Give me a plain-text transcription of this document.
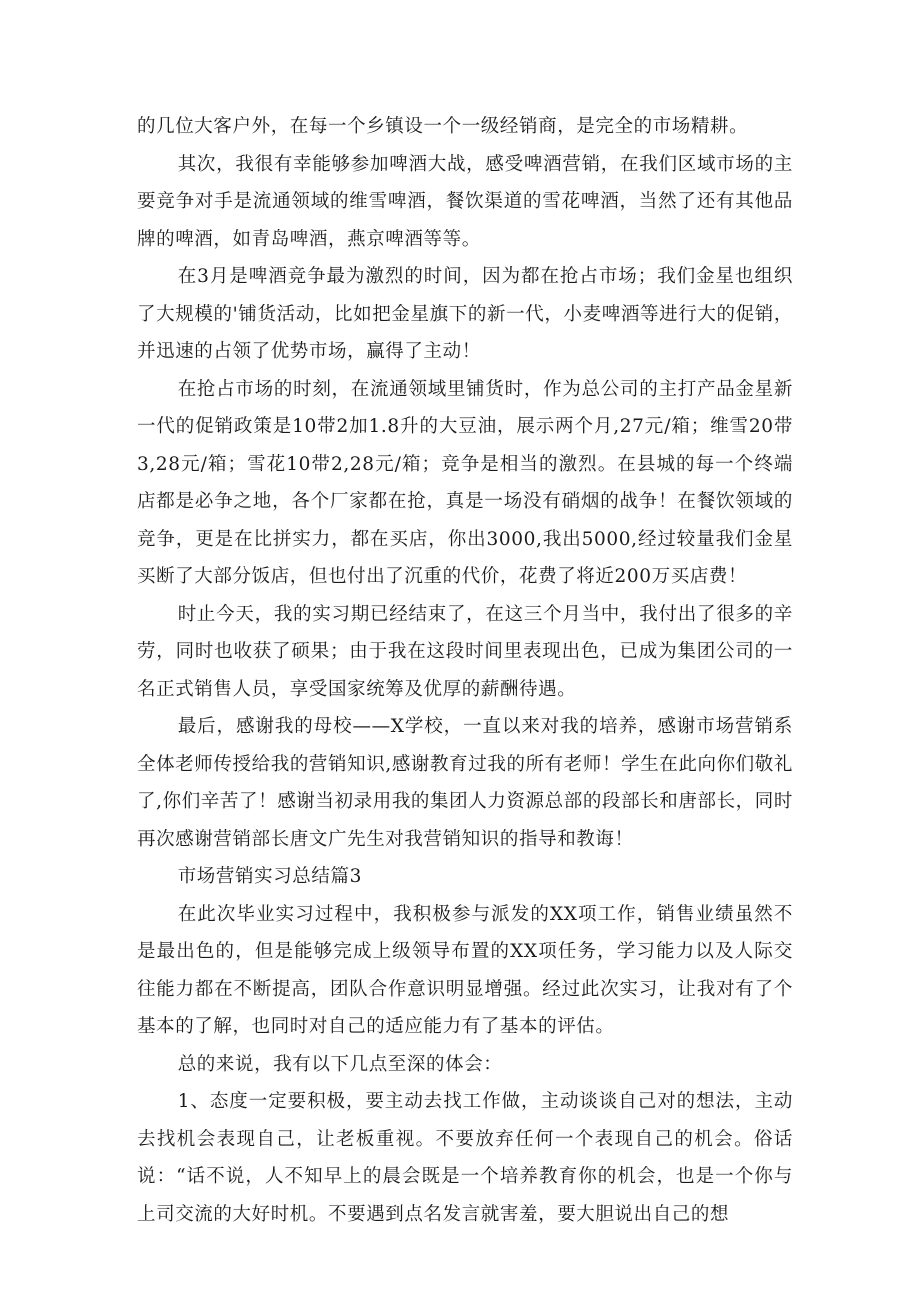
的几位大客户外，在每一个乡镇设一个一级经销商，是完全的市场精耕。

其次，我很有幸能够参加啤酒大战，感受啤酒营销，在我们区域市场的主要竞争对手是流通领域的维雪啤酒，餐饮渠道的雪花啤酒，当然了还有其他品牌的啤酒，如青岛啤酒，燕京啤酒等等。

在3月是啤酒竞争最为激烈的时间，因为都在抢占市场；我们金星也组织了大规模的'铺货活动，比如把金星旗下的新一代，小麦啤酒等进行大的促销，并迅速的占领了优势市场，赢得了主动！

在抢占市场的时刻，在流通领域里铺货时，作为总公司的主打产品金星新一代的促销政策是10带2加1.8升的大豆油，展示两个月,27元/箱；维雪20带3,28元/箱；雪花10带2,28元/箱；竞争是相当的激烈。在县城的每一个终端店都是必争之地，各个厂家都在抢，真是一场没有硝烟的战争！在餐饮领域的竞争，更是在比拼实力，都在买店，你出3000,我出5000,经过较量我们金星买断了大部分饭店，但也付出了沉重的代价，花费了将近200万买店费！

时止今天，我的实习期已经结束了，在这三个月当中，我付出了很多的辛劳，同时也收获了硕果；由于我在这段时间里表现出色，已成为集团公司的一名正式销售人员，享受国家统筹及优厚的薪酬待遇。

最后，感谢我的母校——X学校，一直以来对我的培养，感谢市场营销系全体老师传授给我的营销知识,感谢教育过我的所有老师！学生在此向你们敬礼了,你们辛苦了！感谢当初录用我的集团人力资源总部的段部长和唐部长，同时再次感谢营销部长唐文广先生对我营销知识的指导和教诲！

市场营销实习总结篇3

在此次毕业实习过程中，我积极参与派发的XX项工作，销售业绩虽然不是最出色的，但是能够完成上级领导布置的XX项任务，学习能力以及人际交往能力都在不断提高，团队合作意识明显增强。经过此次实习，让我对有了个基本的了解，也同时对自己的适应能力有了基本的评估。

总的来说，我有以下几点至深的体会：

1、态度一定要积极，要主动去找工作做，主动谈谈自己对的想法，主动去找机会表现自己，让老板重视。不要放弃任何一个表现自己的机会。俗话说：“话不说，人不知早上的晨会既是一个培养教育你的机会，也是一个你与上司交流的大好时机。不要遇到点名发言就害羞，要大胆说出自己的想
